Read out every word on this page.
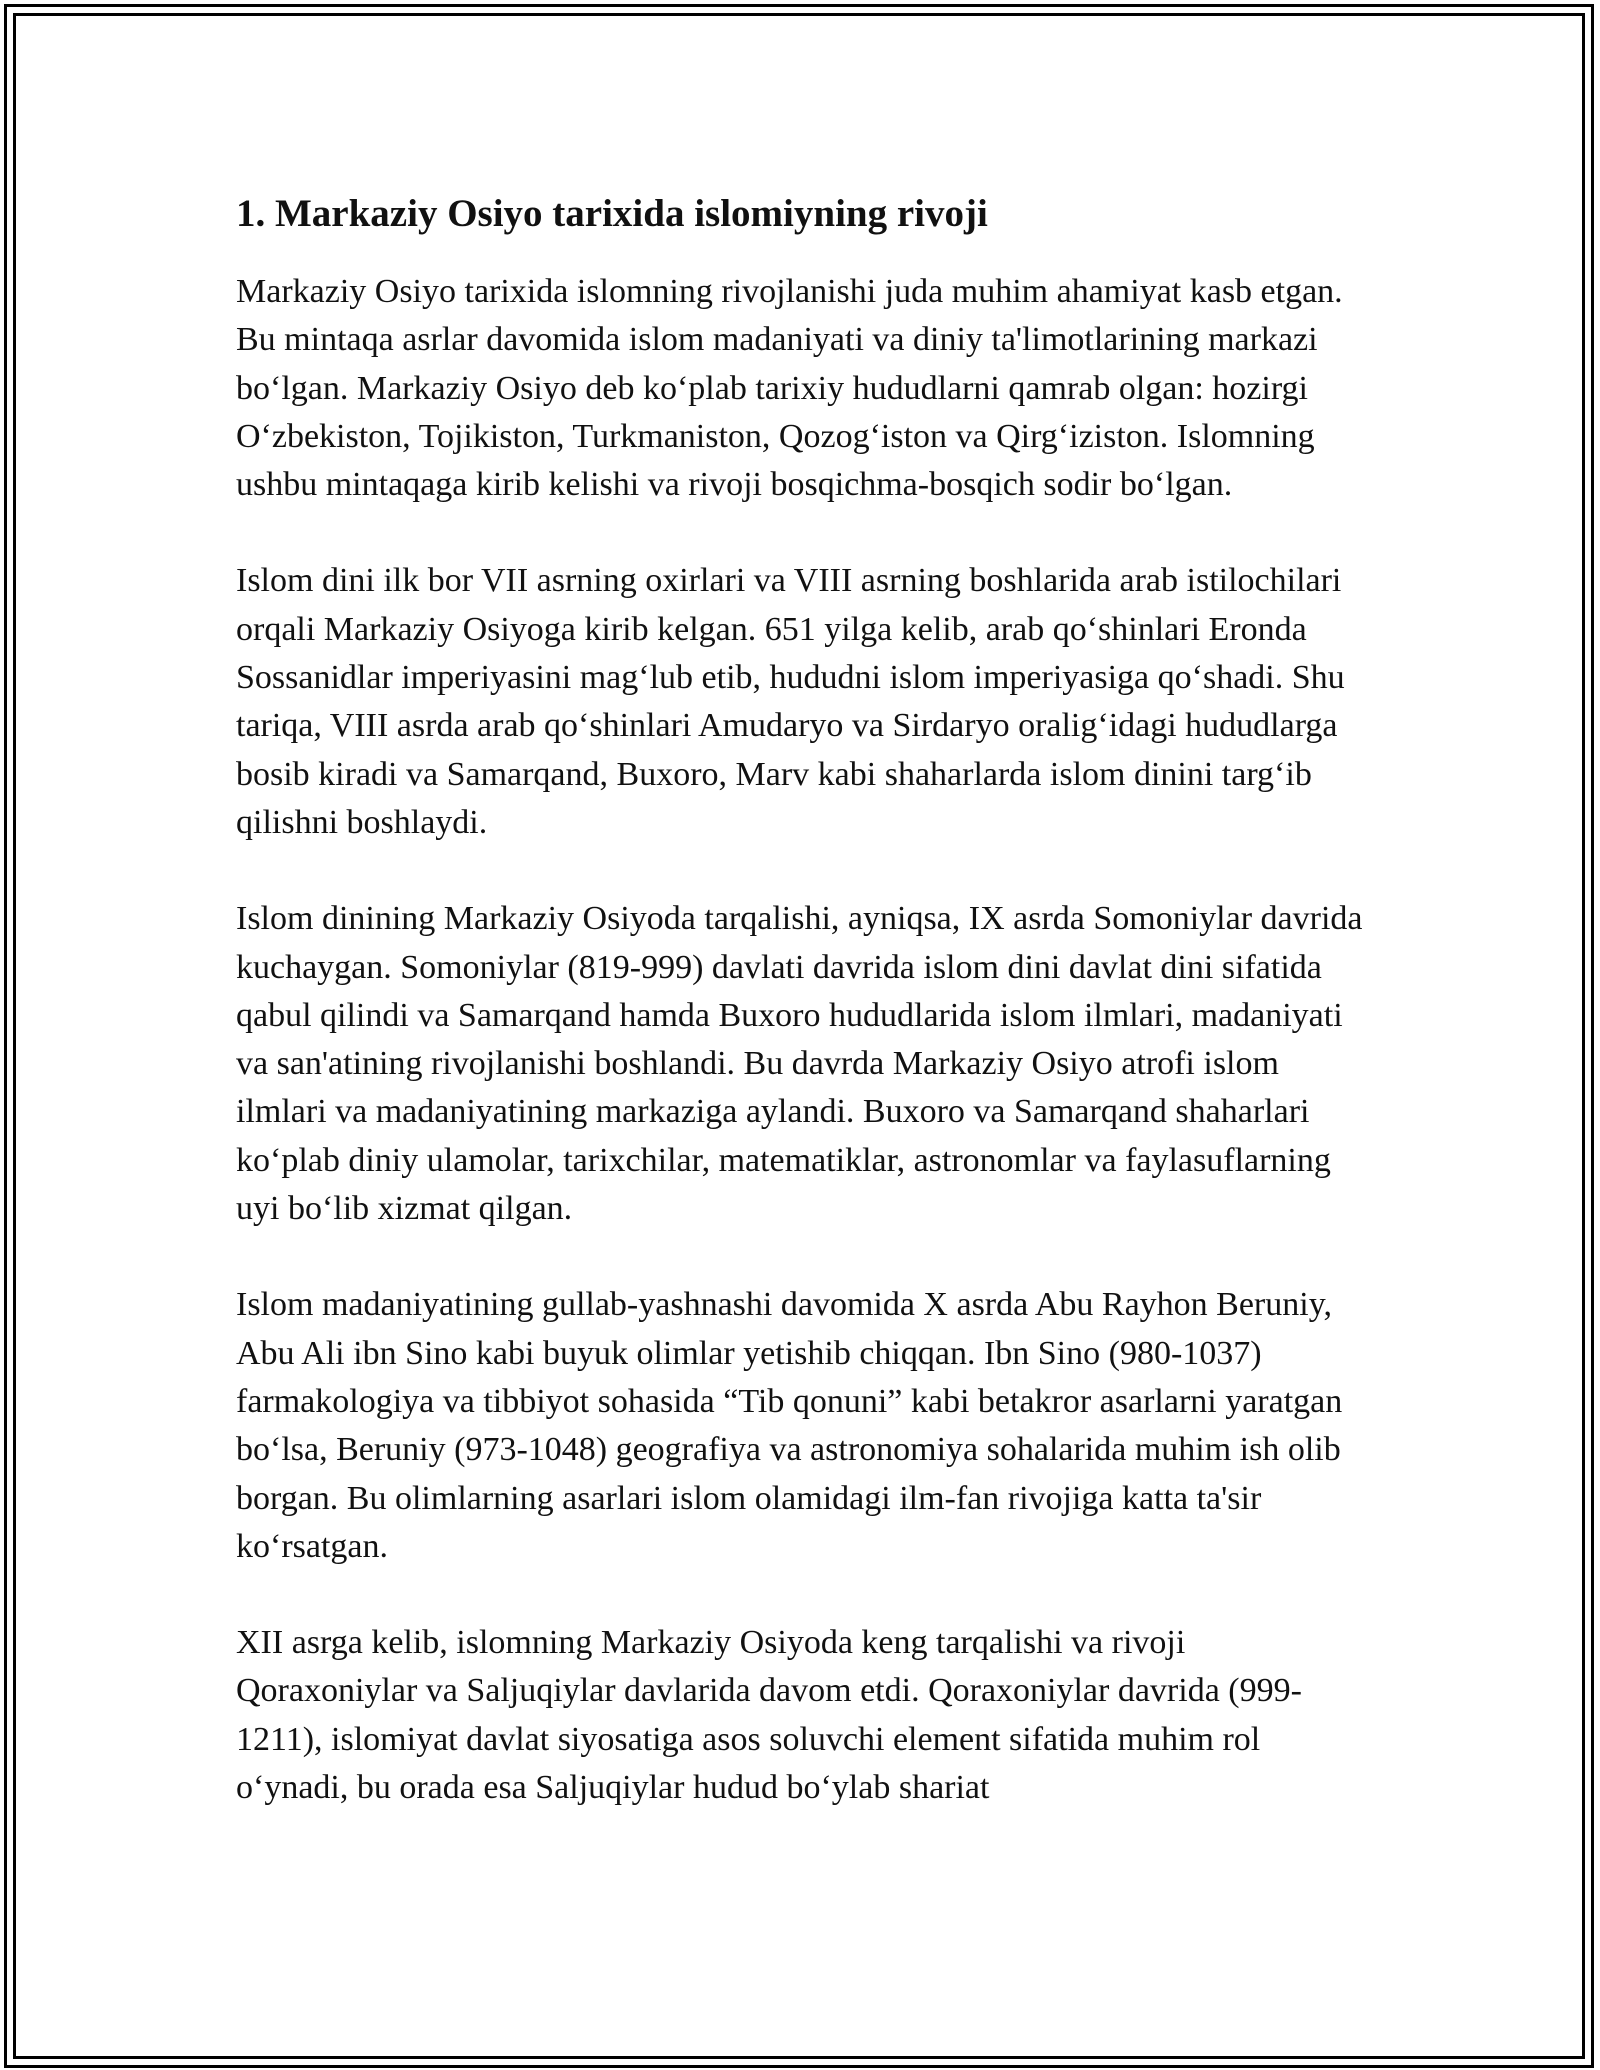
1. Markaziy Osiyo tarixida islomiyning rivoji

Markaziy Osiyo tarixida islomning rivojlanishi juda muhim ahamiyat kasb etgan. Bu mintaqa asrlar davomida islom madaniyati va diniy ta'limotlarining markazi bo‘lgan. Markaziy Osiyo deb ko‘plab tarixiy hududlarni qamrab olgan: hozirgi O‘zbekiston, Tojikiston, Turkmaniston, Qozog‘iston va Qirg‘iziston. Islomning ushbu mintaqaga kirib kelishi va rivoji bosqichma-bosqich sodir bo‘lgan.

Islom dini ilk bor VII asrning oxirlari va VIII asrning boshlarida arab istilochilari orqali Markaziy Osiyoga kirib kelgan. 651 yilga kelib, arab qo‘shinlari Eronda Sossanidlar imperiyasini mag‘lub etib, hududni islom imperiyasiga qo‘shadi. Shu tariqa, VIII asrda arab qo‘shinlari Amudaryo va Sirdaryo oralig‘idagi hududlarga bosib kiradi va Samarqand, Buxoro, Marv kabi shaharlarda islom dinini targ‘ib qilishni boshlaydi.

Islom dinining Markaziy Osiyoda tarqalishi, ayniqsa, IX asrda Somoniylar davrida kuchaygan. Somoniylar (819-999) davlati davrida islom dini davlat dini sifatida qabul qilindi va Samarqand hamda Buxoro hududlarida islom ilmlari, madaniyati va san'atining rivojlanishi boshlandi. Bu davrda Markaziy Osiyo atrofi islom ilmlari va madaniyatining markaziga aylandi. Buxoro va Samarqand shaharlari ko‘plab diniy ulamolar, tarixchilar, matematiklar, astronomlar va faylasuflarning uyi bo‘lib xizmat qilgan.

Islom madaniyatining gullab-yashnashi davomida X asrda Abu Rayhon Beruniy, Abu Ali ibn Sino kabi buyuk olimlar yetishib chiqqan. Ibn Sino (980-1037) farmakologiya va tibbiyot sohasida “Tib qonuni” kabi betakror asarlarni yaratgan bo‘lsa, Beruniy (973-1048) geografiya va astronomiya sohalarida muhim ish olib borgan. Bu olimlarning asarlari islom olamidagi ilm-fan rivojiga katta ta'sir ko‘rsatgan.

XII asrga kelib, islomning Markaziy Osiyoda keng tarqalishi va rivoji Qoraxoniylar va Saljuqiylar davlarida davom etdi. Qoraxoniylar davrida (999-1211), islomiyat davlat siyosatiga asos soluvchi element sifatida muhim rol o‘ynadi, bu orada esa Saljuqiylar hudud bo‘ylab shariat
